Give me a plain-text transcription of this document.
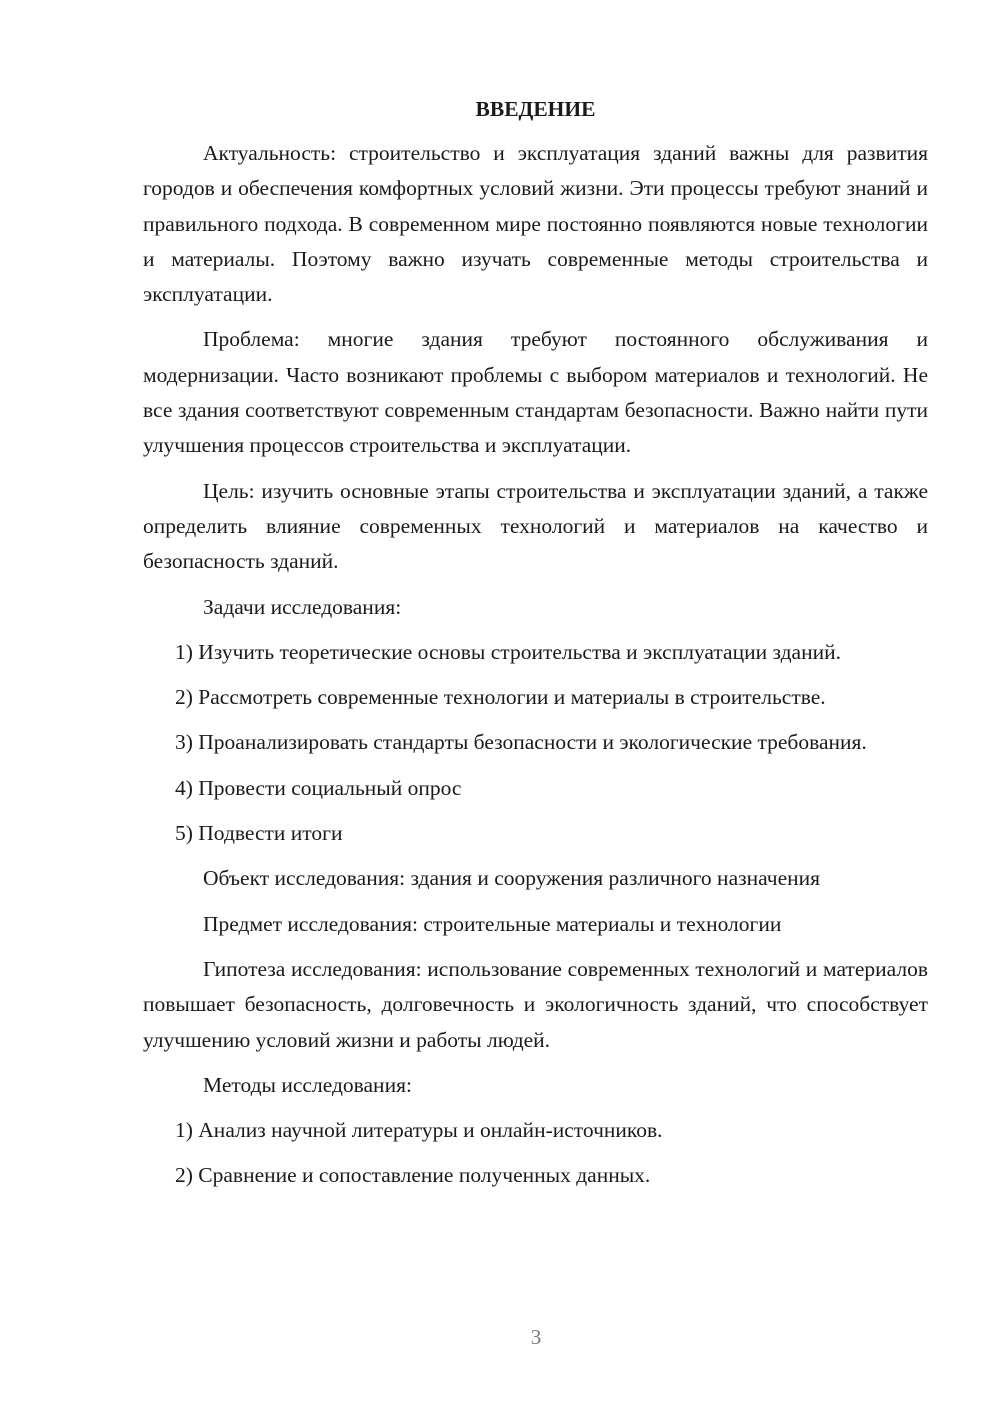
ВВЕДЕНИЕ

Актуальность: строительство и эксплуатация зданий важны для развития городов и обеспечения комфортных условий жизни. Эти процессы требуют знаний и правильного подхода. В современном мире постоянно появляются новые технологии и материалы. Поэтому важно изучать современные методы строительства и эксплуатации.

Проблема: многие здания требуют постоянного обслуживания и модернизации. Часто возникают проблемы с выбором материалов и технологий. Не все здания соответствуют современным стандартам безопасности. Важно найти пути улучшения процессов строительства и эксплуатации.

Цель: изучить основные этапы строительства и эксплуатации зданий, а также определить влияние современных технологий и материалов на качество и безопасность зданий.

Задачи исследования:

1) Изучить теоретические основы строительства и эксплуатации зданий.

2) Рассмотреть современные технологии и материалы в строительстве.

3) Проанализировать стандарты безопасности и экологические требования.

4) Провести социальный опрос

5) Подвести итоги

Объект исследования: здания и сооружения различного назначения

Предмет исследования: строительные материалы и технологии

Гипотеза исследования: использование современных технологий и материалов повышает безопасность, долговечность и экологичность зданий, что способствует улучшению условий жизни и работы людей.

Методы исследования:

1) Анализ научной литературы и онлайн-источников.

2) Сравнение и сопоставление полученных данных.

3
